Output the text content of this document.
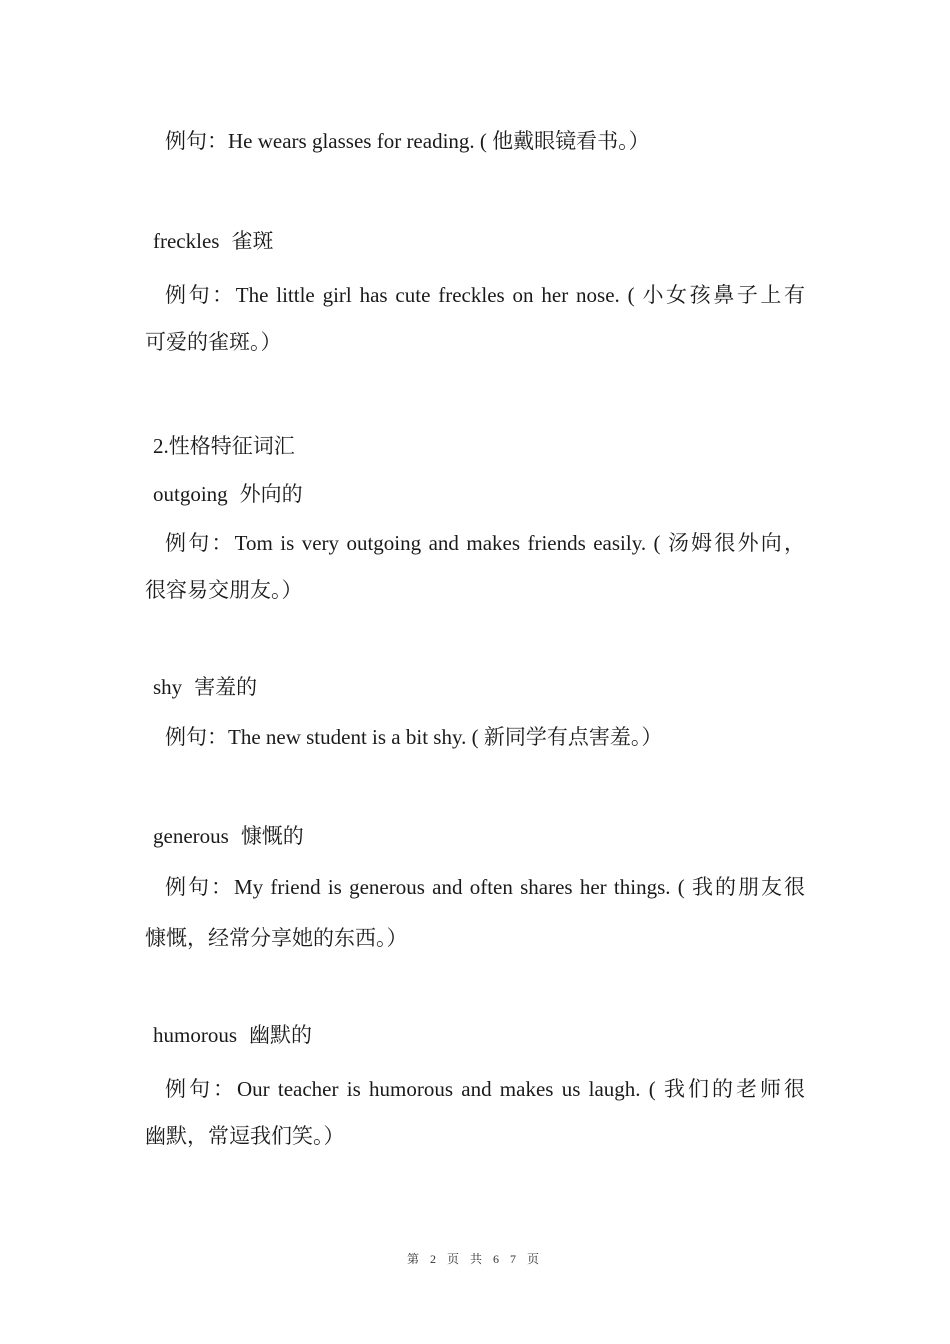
例句：He wears glasses for reading. ( 他戴眼镜看书。）
freckles 雀斑
例句：The little girl has cute freckles on her nose. ( 小女孩鼻子上有
可爱的雀斑。）
2.性格特征词汇
outgoing 外向的
例句：Tom is very outgoing and makes friends easily. ( 汤姆很外向，
很容易交朋友。）
shy 害羞的
例句：The new student is a bit shy. ( 新同学有点害羞。）
generous 慷慨的
例句：My friend is generous and often shares her things. ( 我的朋友很
慷慨，经常分享她的东西。）
humorous 幽默的
例句：Our teacher is humorous and makes us laugh. ( 我们的老师很
幽默，常逗我们笑。）
第 2 页 共 6 7 页
